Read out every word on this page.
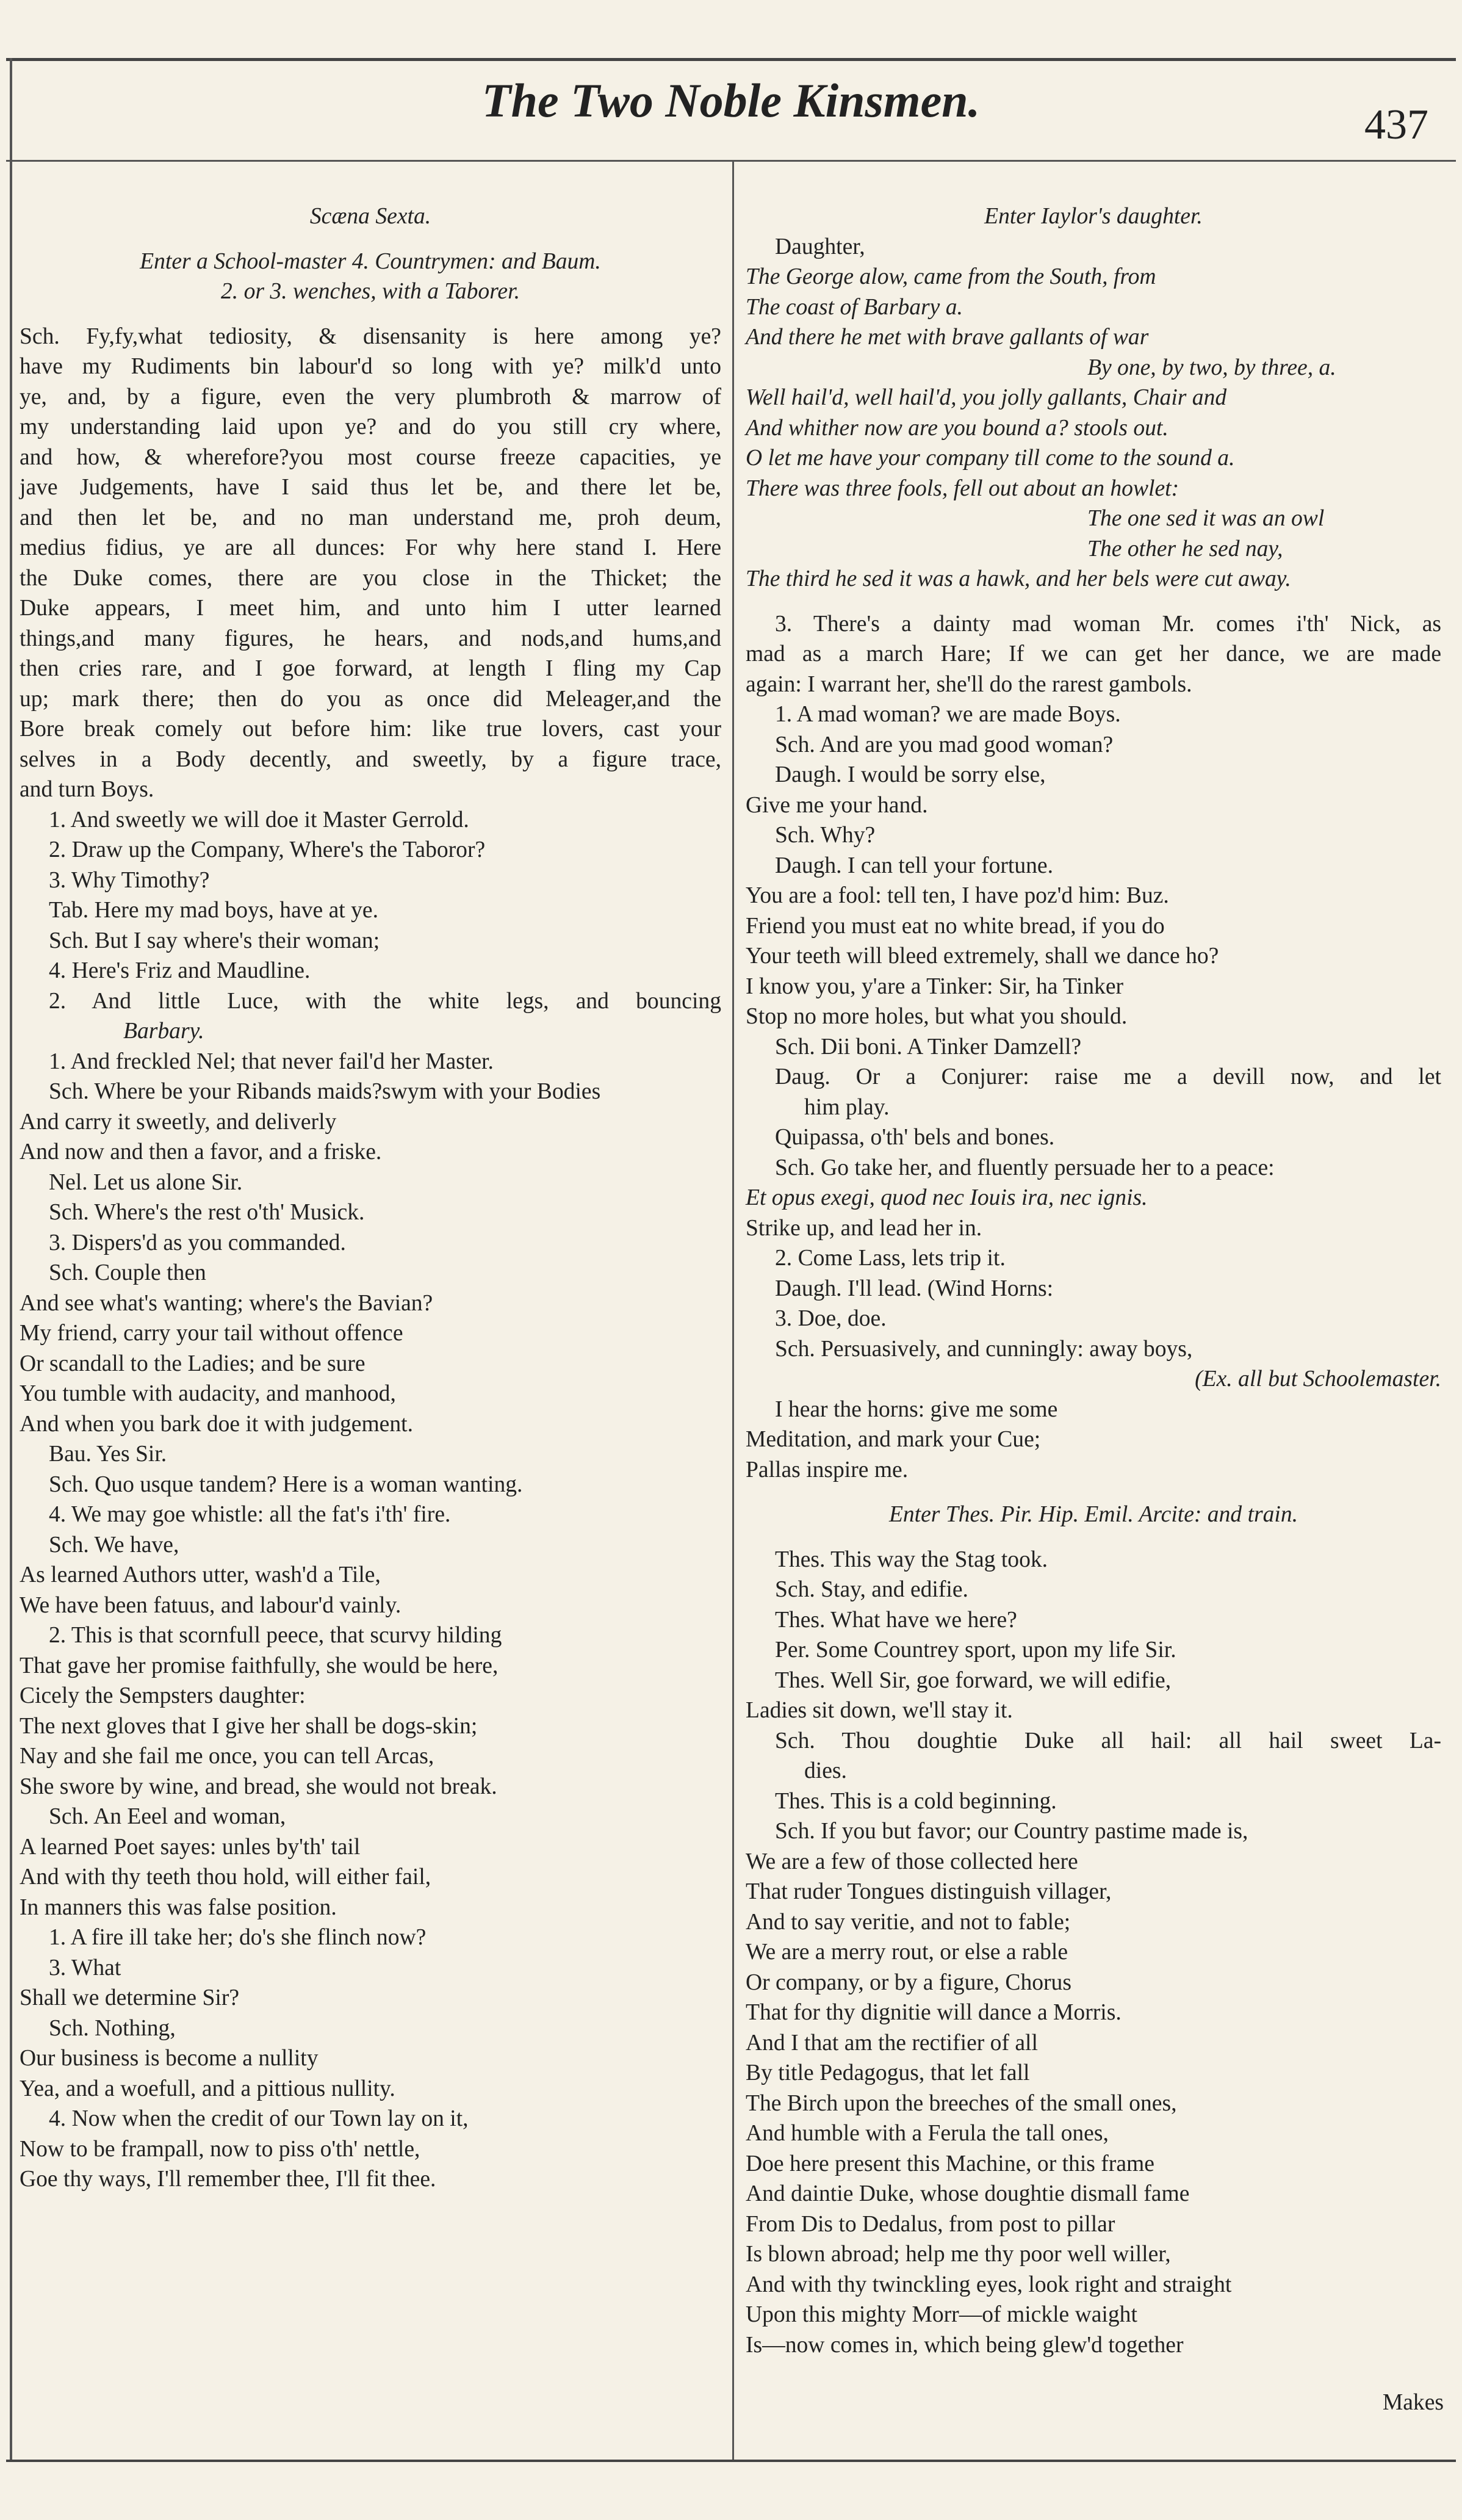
The Two Noble Kinsmen.	437
Scæna Sexta.
Enter a School-master 4. Countrymen: and Baum.
2. or 3. wenches, with a Taborer.
Sch. Fy,fy,what tediosity, & disensanity is here among ye?
have my Rudiments bin labour'd so long with ye? milk'd unto
ye, and, by a figure, even the very plumbroth & marrow of
my understanding laid upon ye? and do you still cry where,
and how, & wherefore?you most course freeze capacities, ye
jave Judgements, have I said thus let be, and there let be,
and then let be, and no man understand me, proh deum,
medius fidius, ye are all dunces: For why here stand I. Here
the Duke comes, there are you close in the Thicket; the
Duke appears, I meet him, and unto him I utter learned
things,and many figures, he hears, and nods,and hums,and
then cries rare, and I goe forward, at length I fling my Cap
up; mark there; then do you as once did Meleager,and the
Bore break comely out before him: like true lovers, cast your
selves in a Body decently, and sweetly, by a figure trace,
and turn Boys.
1. And sweetly we will doe it Master Gerrold.
2. Draw up the Company, Where's the Taboror?
3. Why Timothy?
Tab. Here my mad boys, have at ye.
Sch. But I say where's their woman;
4. Here's Friz and Maudline.
2. And little Luce, with the white legs, and bouncing
Barbary.
1. And freckled Nel; that never fail'd her Master.
Sch. Where be your Ribands maids?swym with your Bodies
And carry it sweetly, and deliverly
And now and then a favor, and a friske.
Nel. Let us alone Sir.
Sch. Where's the rest o'th' Musick.
3. Dispers'd as you commanded.
Sch. Couple then
And see what's wanting; where's the Bavian?
My friend, carry your tail without offence
Or scandall to the Ladies; and be sure
You tumble with audacity, and manhood,
And when you bark doe it with judgement.
Bau. Yes Sir.
Sch. Quo usque tandem? Here is a woman wanting.
4. We may goe whistle: all the fat's i'th' fire.
Sch. We have,
As learned Authors utter, wash'd a Tile,
We have been fatuus, and labour'd vainly.
2. This is that scornfull peece, that scurvy hilding
That gave her promise faithfully, she would be here,
Cicely the Sempsters daughter:
The next gloves that I give her shall be dogs-skin;
Nay and she fail me once, you can tell Arcas,
She swore by wine, and bread, she would not break.
Sch. An Eeel and woman,
A learned Poet sayes: unles by'th' tail
And with thy teeth thou hold, will either fail,
In manners this was false position.
1. A fire ill take her; do's she flinch now?
3. What
Shall we determine Sir?
Sch. Nothing,
Our business is become a nullity
Yea, and a woefull, and a pittious nullity.
4. Now when the credit of our Town lay on it,
Now to be frampall, now to piss o'th' nettle,
Goe thy ways, I'll remember thee, I'll fit thee.
Enter Iaylor's daughter.
Daughter,
The George alow, came from the South, from
The coast of Barbary a.
And there he met with brave gallants of war
By one, by two, by three, a.
Well hail'd, well hail'd, you jolly gallants, Chair and
And whither now are you bound a? stools out.
O let me have your company till come to the sound a.
There was three fools, fell out about an howlet:
The one sed it was an owl
The other he sed nay,
The third he sed it was a hawk, and her bels were cut away.
3. There's a dainty mad woman Mr. comes i'th' Nick, as
mad as a march Hare; If we can get her dance, we are made
again: I warrant her, she'll do the rarest gambols.
1. A mad woman? we are made Boys.
Sch. And are you mad good woman?
Daugh. I would be sorry else,
Give me your hand.
Sch. Why?
Daugh. I can tell your fortune.
You are a fool: tell ten, I have poz'd him: Buz.
Friend you must eat no white bread, if you do
Your teeth will bleed extremely, shall we dance ho?
I know you, y'are a Tinker: Sir, ha Tinker
Stop no more holes, but what you should.
Sch. Dii boni. A Tinker Damzell?
Daug. Or a Conjurer: raise me a devill now, and let
him play.
Quipassa, o'th' bels and bones.
Sch. Go take her, and fluently persuade her to a peace:
Et opus exegi, quod nec Iouis ira, nec ignis.
Strike up, and lead her in.
2. Come Lass, lets trip it.
Daugh. I'll lead. (Wind Horns:
3. Doe, doe.
Sch. Persuasively, and cunningly: away boys,
(Ex. all but Schoolemaster.
I hear the horns: give me some
Meditation, and mark your Cue;
Pallas inspire me.
Enter Thes. Pir. Hip. Emil. Arcite: and train.
Thes. This way the Stag took.
Sch. Stay, and edifie.
Thes. What have we here?
Per. Some Countrey sport, upon my life Sir.
Thes. Well Sir, goe forward, we will edifie,
Ladies sit down, we'll stay it.
Sch. Thou doughtie Duke all hail: all hail sweet La-
dies.
Thes. This is a cold beginning.
Sch. If you but favor; our Country pastime made is,
We are a few of those collected here
That ruder Tongues distinguish villager,
And to say veritie, and not to fable;
We are a merry rout, or else a rable
Or company, or by a figure, Chorus
That for thy dignitie will dance a Morris.
And I that am the rectifier of all
By title Pedagogus, that let fall
The Birch upon the breeches of the small ones,
And humble with a Ferula the tall ones,
Doe here present this Machine, or this frame
And daintie Duke, whose doughtie dismall fame
From Dis to Dedalus, from post to pillar
Is blown abroad; help me thy poor well willer,
And with thy twinckling eyes, look right and straight
Upon this mighty Morr—of mickle waight
Is—now comes in, which being glew'd together
Makes
